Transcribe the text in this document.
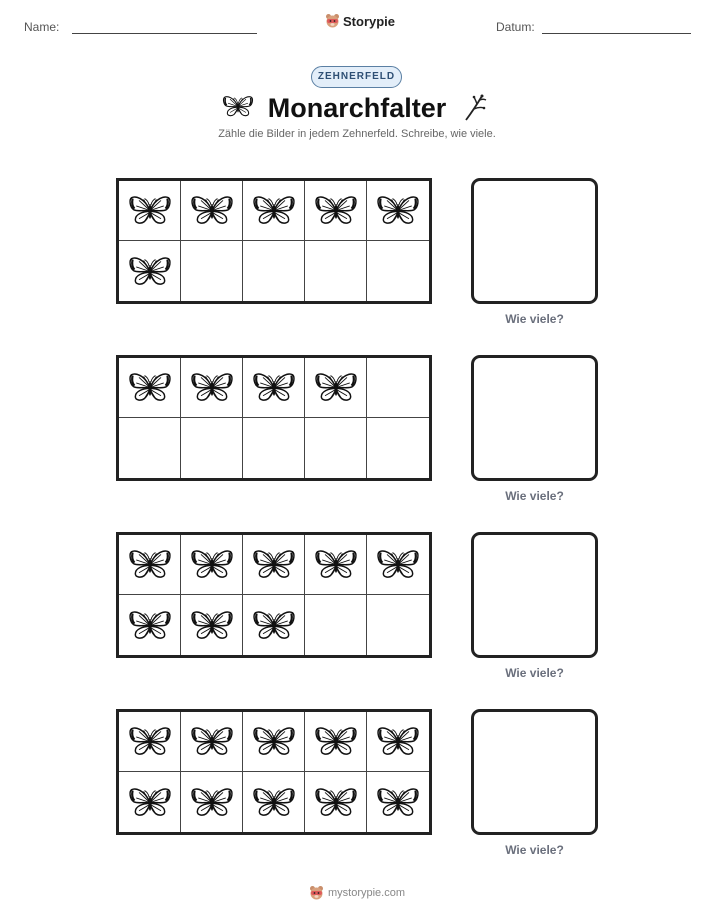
Name:	Storypie	Datum:
ZEHNERFELD
Monarchfalter
Zähle die Bilder in jedem Zehnerfeld. Schreibe, wie viele.
Wie viele?
Wie viele?
Wie viele?
Wie viele?
mystorypie.com
